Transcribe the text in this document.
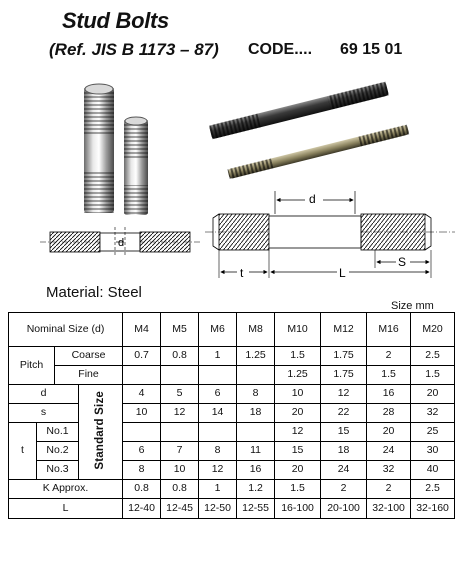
Stud Bolts
(Ref. JIS B 1173 – 87) CODE.... 69 15 01
d
d
t	L
S
Material: Steel
Size mm
Nominal Size (d)				M4	M5	M6	M8	M10	M12	M16	M20
Pitch		Coarse		0.7	0.8	1	1.25	1.5	1.75	2	2.5
		Fine						1.25	1.75	1.5	1.5
d			Standard Size	4	5	6	8	10	12	16	20
s				10	12	14	18	20	22	28	32
t	No.1							12	15	20	25
	No.2			6	7	8	11	15	18	24	30
	No.3			8	10	12	16	20	24	32	40
K Approx.				0.8	0.8	1	1.2	1.5	2	2	2.5
L				12-40	12-45	12-50	12-55	16-100	20-100	32-100	32-160
